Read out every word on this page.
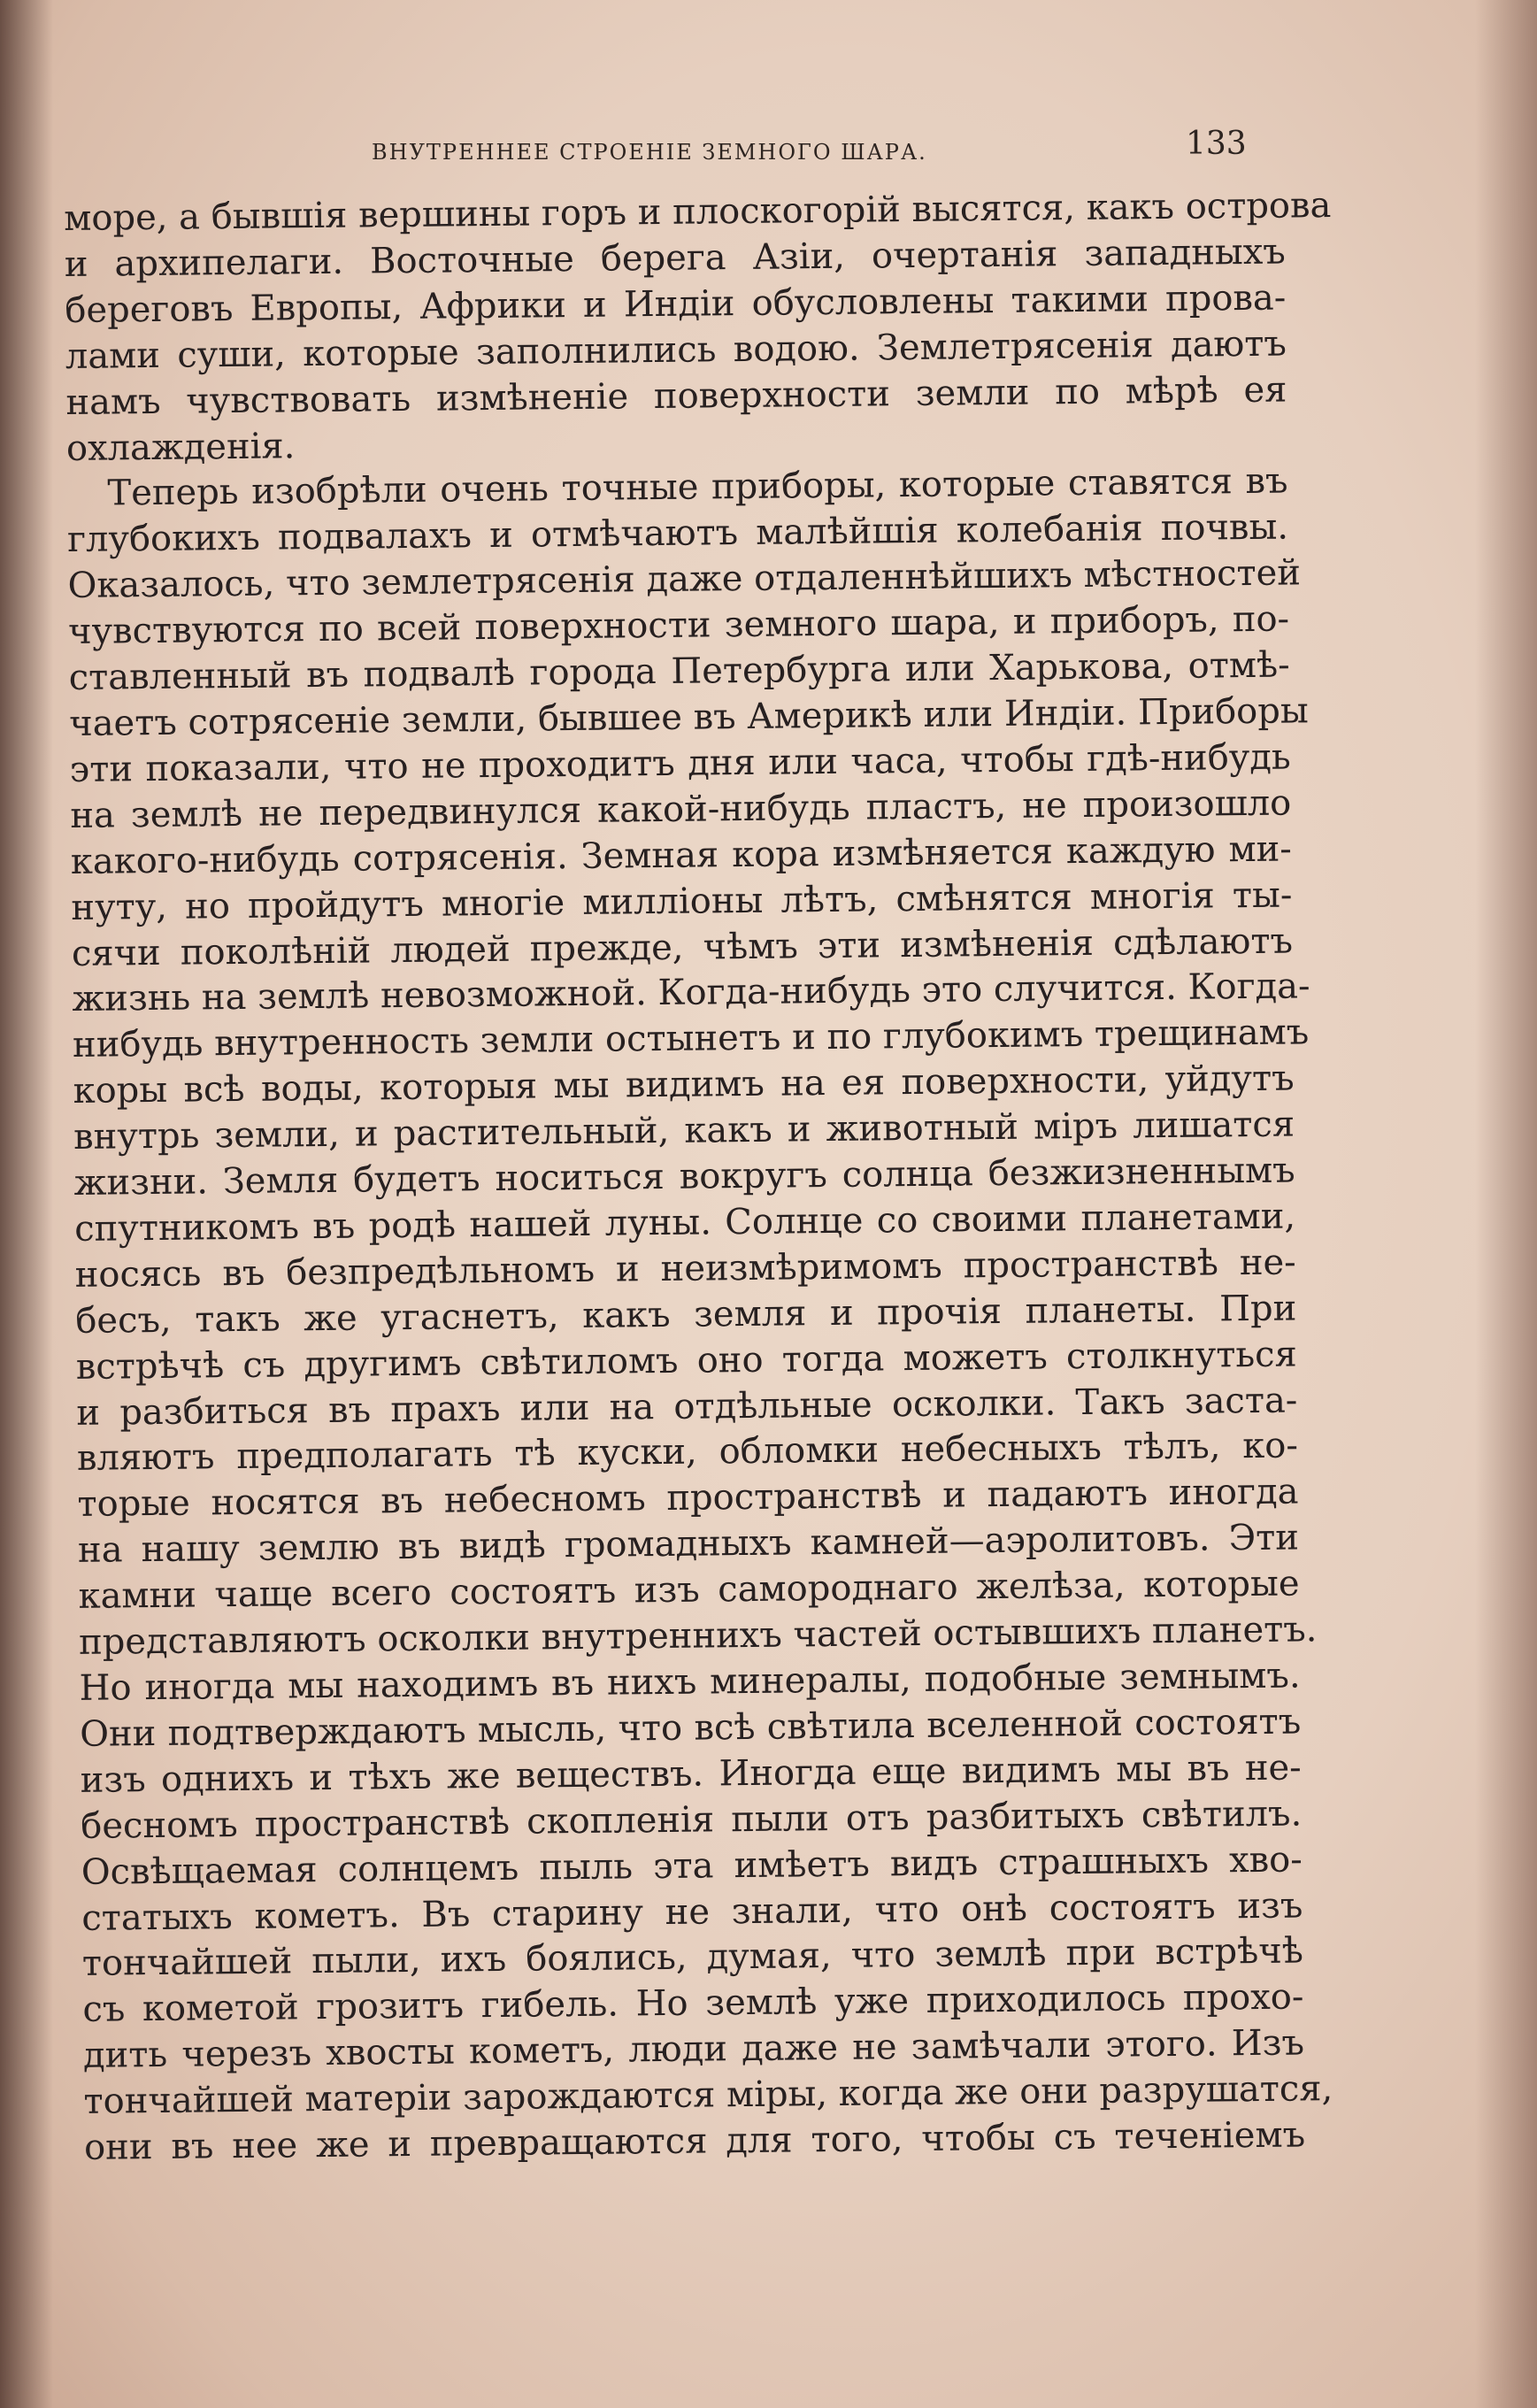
ВНУТРЕННЕЕ СТРОЕНІЕ ЗЕМНОГО ШАРА.	133
море, а бывшія вершины горъ и плоскогорій высятся, какъ острова
и архипелаги. Восточные берега Азіи, очертанія западныхъ
береговъ Европы, Африки и Индіи обусловлены такими прова-
лами суши, которые заполнились водою. Землетрясенія даютъ
намъ чувствовать измѣненіе поверхности земли по мѣрѣ ея
охлажденія.
Теперь изобрѣли очень точные приборы, которые ставятся въ
глубокихъ подвалахъ и отмѣчаютъ малѣйшія колебанія почвы.
Оказалось, что землетрясенія даже отдаленнѣйшихъ мѣстностей
чувствуются по всей поверхности земного шара, и приборъ, по-
ставленный въ подвалѣ города Петербурга или Харькова, отмѣ-
чаетъ сотрясеніе земли, бывшее въ Америкѣ или Индіи. Приборы
эти показали, что не проходитъ дня или часа, чтобы гдѣ-нибудь
на землѣ не передвинулся какой-нибудь пластъ, не произошло
какого-нибудь сотрясенія. Земная кора измѣняется каждую ми-
нуту, но пройдутъ многіе милліоны лѣтъ, смѣнятся многія ты-
сячи поколѣній людей прежде, чѣмъ эти измѣненія сдѣлаютъ
жизнь на землѣ невозможной. Когда-нибудь это случится. Когда-
нибудь внутренность земли остынетъ и по глубокимъ трещинамъ
коры всѣ воды, которыя мы видимъ на ея поверхности, уйдутъ
внутрь земли, и растительный, какъ и животный міръ лишатся
жизни. Земля будетъ носиться вокругъ солнца безжизненнымъ
спутникомъ въ родѣ нашей луны. Солнце со своими планетами,
носясь въ безпредѣльномъ и неизмѣримомъ пространствѣ не-
бесъ, такъ же угаснетъ, какъ земля и прочія планеты. При
встрѣчѣ съ другимъ свѣтиломъ оно тогда можетъ столкнуться
и разбиться въ прахъ или на отдѣльные осколки. Такъ заста-
вляютъ предполагать тѣ куски, обломки небесныхъ тѣлъ, ко-
торые носятся въ небесномъ пространствѣ и падаютъ иногда
на нашу землю въ видѣ громадныхъ камней—аэролитовъ. Эти
камни чаще всего состоятъ изъ самороднаго желѣза, которые
представляютъ осколки внутреннихъ частей остывшихъ планетъ.
Но иногда мы находимъ въ нихъ минералы, подобные земнымъ.
Они подтверждаютъ мысль, что всѣ свѣтила вселенной состоятъ
изъ однихъ и тѣхъ же веществъ. Иногда еще видимъ мы въ не-
бесномъ пространствѣ скопленія пыли отъ разбитыхъ свѣтилъ.
Освѣщаемая солнцемъ пыль эта имѣетъ видъ страшныхъ хво-
статыхъ кометъ. Въ старину не знали, что онѣ состоятъ изъ
тончайшей пыли, ихъ боялись, думая, что землѣ при встрѣчѣ
съ кометой грозитъ гибель. Но землѣ уже приходилось прохо-
дить черезъ хвосты кометъ, люди даже не замѣчали этого. Изъ
тончайшей матеріи зарождаются міры, когда же они разрушатся,
они въ нее же и превращаются для того, чтобы съ теченіемъ
